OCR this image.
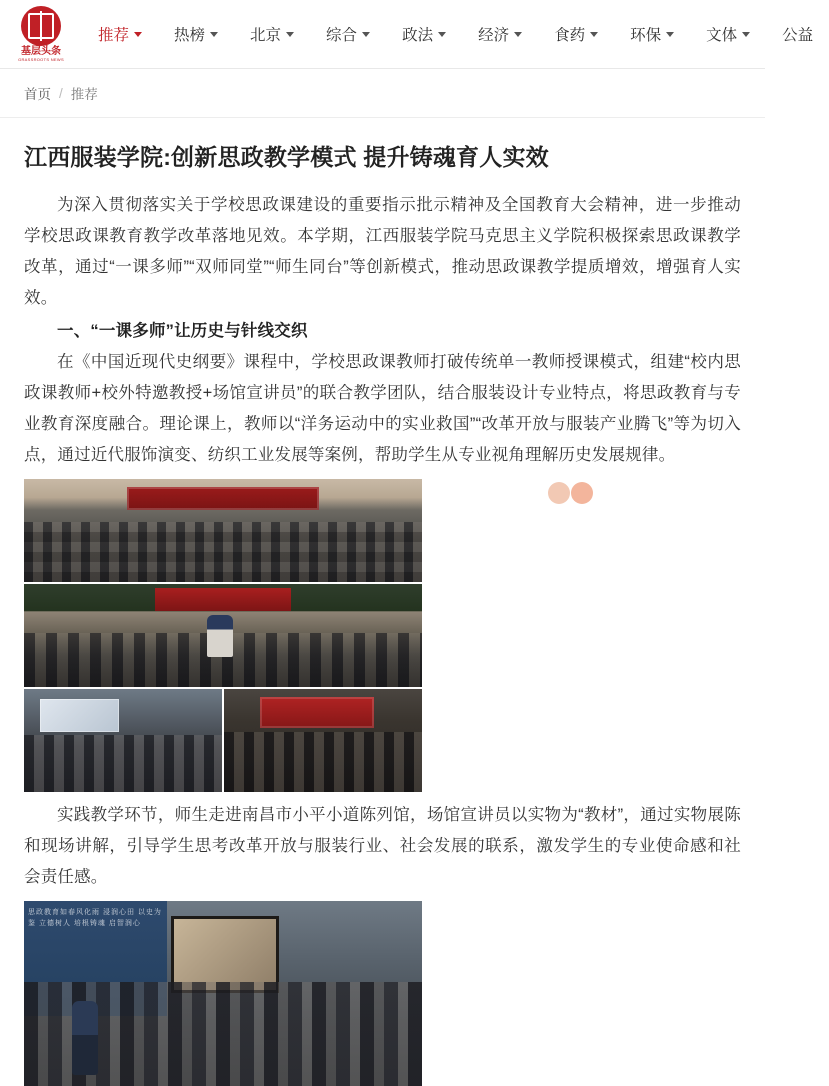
基层头条
GRASSROOTS NEWS
推荐	热榜	北京	综合	政法	经济	食药	环保	文体	公益
首页 / 推荐
江西服装学院:创新思政教学模式 提升铸魂育人实效

为深入贯彻落实关于学校思政课建设的重要指示批示精神及全国教育大会精神，进一步推动学校思政课教育教学改革落地见效。本学期，江西服装学院马克思主义学院积极探索思政课教学改革，通过“一课多师”“双师同堂”“师生同台”等创新模式，推动思政课教学提质增效，增强育人实效。

一、“一课多师”让历史与针线交织

在《中国近现代史纲要》课程中，学校思政课教师打破传统单一教师授课模式，组建“校内思政课教师+校外特邀教授+场馆宣讲员”的联合教学团队，结合服装设计专业特点，将思政教育与专业教育深度融合。理论课上，教师以“洋务运动中的实业救国”“改革开放与服装产业腾飞”等为切入点，通过近代服饰演变、纺织工业发展等案例，帮助学生从专业视角理解历史发展规律。

实践教学环节，师生走进南昌市小平小道陈列馆，场馆宣讲员以实物为“教材”，通过实物展陈和现场讲解，引导学生思考改革开放与服装行业、社会发展的联系，激发学生的专业使命感和社会责任感。

思政教育如春风化雨 浸润心田 以史为鉴 立德树人 培根铸魂 启智润心
